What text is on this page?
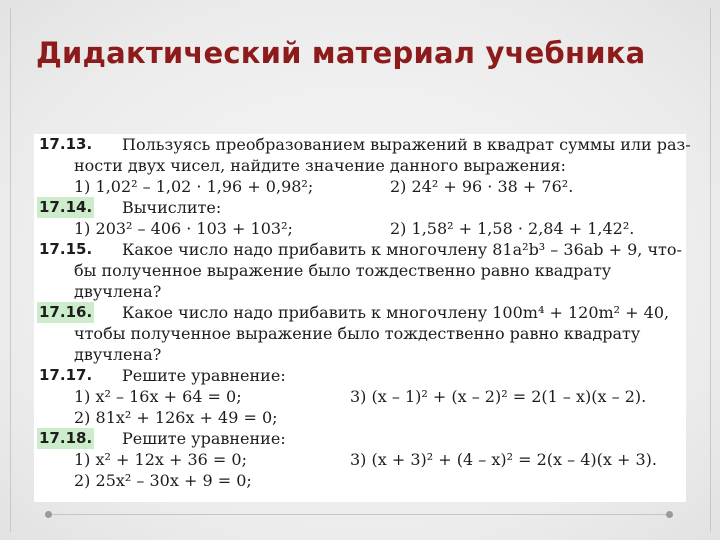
Дидактический материал учебника
17.13. Пользуясь преобразованием выражений в квадрат суммы или раз-
ности двух чисел, найдите значение данного выражения:
1) 1,02² – 1,02 · 1,96 + 0,98²;	2) 24² + 96 · 38 + 76².
17.14. Вычислите:
1) 203² – 406 · 103 + 103²;	2) 1,58² + 1,58 · 2,84 + 1,42².
17.15. Какое число надо прибавить к многочлену 81a²b³ – 36ab + 9, что-
бы полученное выражение было тождественно равно квадрату
двучлена?
17.16. Какое число надо прибавить к многочлену 100m⁴ + 120m² + 40,
чтобы полученное выражение было тождественно равно квадрату
двучлена?
17.17. Решите уравнение:
1) x² – 16x + 64 = 0;	3) (x – 1)² + (x – 2)² = 2(1 – x)(x – 2).
2) 81x² + 126x + 49 = 0;
17.18. Решите уравнение:
1) x² + 12x + 36 = 0;	3) (x + 3)² + (4 – x)² = 2(x – 4)(x + 3).
2) 25x² – 30x + 9 = 0;
